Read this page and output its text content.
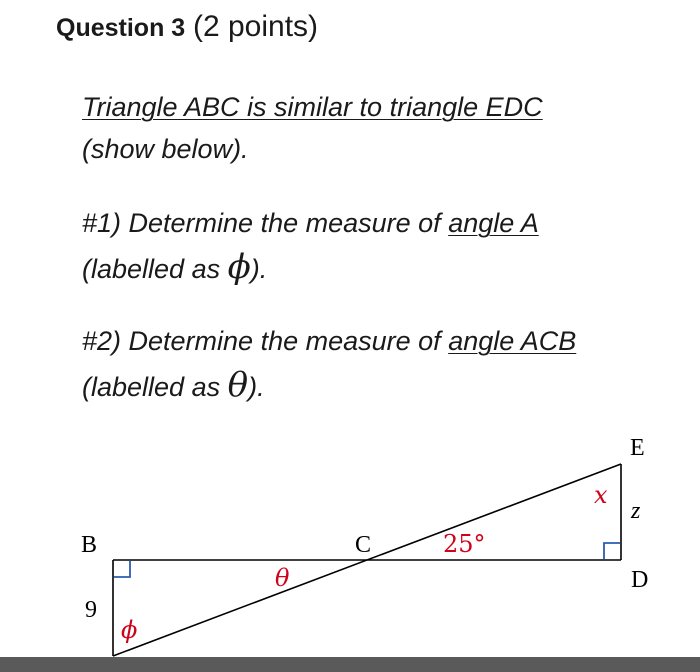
Question 3 (2 points)
Triangle ABC is similar to triangle EDC
(show below).
#1) Determine the measure of angle A
(labelled as ϕ).
#2) Determine the measure of angle ACB
(labelled as θ).
B	C
D
E
9
25°
θ
ϕ
x
z
